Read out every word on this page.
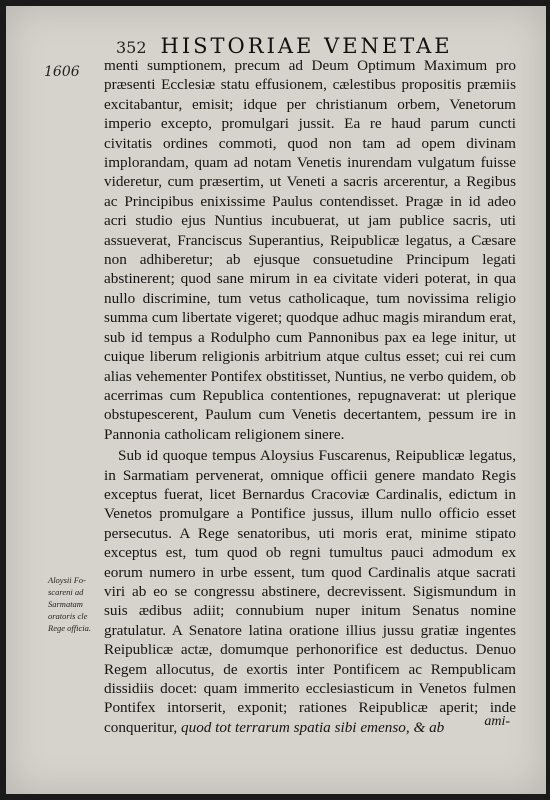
352 HISTORIAE VENETAE
1606 menti sumptionem, precum ad Deum Optimum Maximum pro præsenti Ecclesiæ statu effusionem, cælestibus propositis præmiis excitabantur, emisit; idque per christianum orbem, Venetorum imperio excepto, promulgari jussit. Ea re haud parum cuncti civitatis ordines commoti, quod non tam ad opem divinam implorandam, quam ad notam Venetis inurendam vulgatum fuisse videretur, cum præsertim, ut Veneti a sacris arcerentur, a Regibus ac Principibus enixissime Paulus contendisset. Pragæ in id adeo acri studio ejus Nuntius incubuerat, ut jam publice sacris, uti assueverat, Franciscus Superantius, Reipublicæ legatus, a Cæsare non adhiberetur; ab ejusque consuetudine Principum legati abstinerent; quod sane mirum in ea civitate videri poterat, in qua nullo discrimine, tum vetus catholicaque, tum novissima religio summa cum libertate vigeret; quodque adhuc magis mirandum erat, sub id tempus a Rodulpho cum Pannonibus pax ea lege initur, ut cuique liberum religionis arbitrium atque cultus esset; cui rei cum alias vehementer Pontifex obstitisset, Nuntius, ne verbo quidem, ob acerrimas cum Republica contentiones, repugnaverat: ut plerique obstupescerent, Paulum cum Venetis decertantem, pessum ire in Pannonia catholicam religionem sinere.

Sub id quoque tempus Aloysius Fuscarenus, Reipublicæ legatus, in Sarmatiam pervenerat, omnique officii genere mandato Regis exceptus fuerat, licet Bernardus Cracoviæ Cardinalis, edictum in Venetos promulgare a Pontifice jussus, illum nullo officio esset persecutus. A Rege senatoribus, uti moris erat, minime stipato exceptus est, tum quod ob regni tumultus pauci admodum ex eorum numero in urbe essent, tum quod Cardinalis atque sacrati viri ab eo se congressu abstinere, decrevissent. Sigismundum in suis ædibus adiit; connubium nuper initum Senatus nomine gratulatur. A Senatore latina oratione illius jussu gratiæ ingentes Reipublicæ actæ, domumque perhonorifice est deductus. Denuo Regem allocutus, de exortis inter Pontificem ac Rempublicam dissidiis docet: quam immerito ecclesiasticum in Venetos fulmen Pontifex intorserit, exponit; rationes Reipublicæ aperit; inde conqueritur, quod tot terrarum spatia sibi emenso, & ab

Aloysii Fo-
scareni ad
Sarmatam
oratoris cle
Rege officia.
ami-
